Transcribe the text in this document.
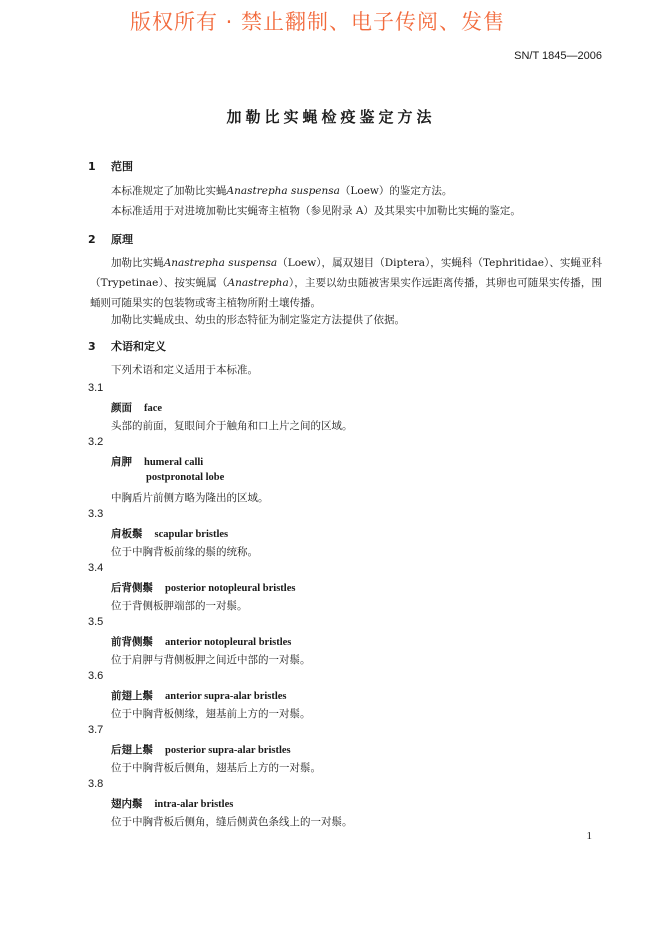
版权所有 · 禁止翻制、电子传阅、发售
SN/T 1845—2006
加勒比实蝇检疫鉴定方法
1 范围
本标准规定了加勒比实蝇Anastrepha suspensa（Loew）的鉴定方法。
本标准适用于对进境加勒比实蝇寄主植物（参见附录 A）及其果实中加勒比实蝇的鉴定。
2 原理
加勒比实蝇Anastrepha suspensa（Loew），属双翅目（Diptera），实蝇科（Tephritidae）、实蝇亚科（Trypetinae）、按实蝇属（Anastrepha），主要以幼虫随被害果实作远距离传播，其卵也可随果实传播，围蛹则可随果实的包装物或寄主植物所附土壤传播。
加勒比实蝇成虫、幼虫的形态特征为制定鉴定方法提供了依据。
3 术语和定义
下列术语和定义适用于本标准。
3.1
颜面 face
头部的前面，复眼间介于触角和口上片之间的区域。
3.2
肩胛 humeral calli
postpronotal lobe
中胸盾片前侧方略为隆出的区域。
3.3
肩板鬃 scapular bristles
位于中胸背板前缘的鬃的统称。
3.4
后背侧鬃 posterior notopleural bristles
位于背侧板胛端部的一对鬃。
3.5
前背侧鬃 anterior notopleural bristles
位于肩胛与背侧板胛之间近中部的一对鬃。
3.6
前翅上鬃 anterior supra-alar bristles
位于中胸背板侧缘，翅基前上方的一对鬃。
3.7
后翅上鬃 posterior supra-alar bristles
位于中胸背板后侧角，翅基后上方的一对鬃。
3.8
翅内鬃 intra-alar bristles
位于中胸背板后侧角，缝后侧黄色条线上的一对鬃。
1
